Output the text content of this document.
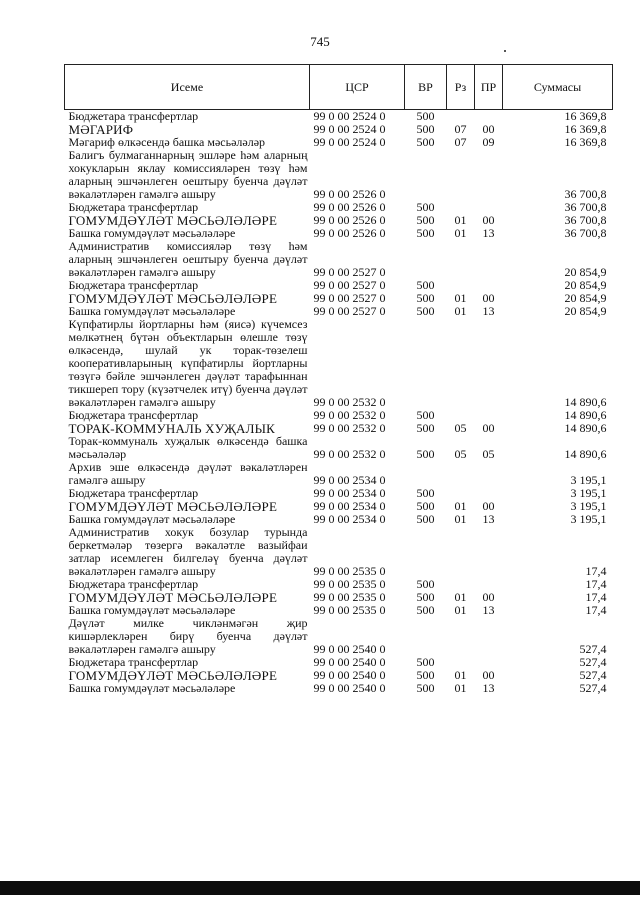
745
Исеме	ЦСР	ВР	Рз	ПР	Суммасы
Бюджетара трансфертлар	99 0 00 2524 0	500			16 369,8
МӘГАРИФ	99 0 00 2524 0	500	07	00	16 369,8
Мәгариф өлкәсендә башка мәсьәләләр	99 0 00 2524 0	500	07	09	16 369,8
Балигъ булмаганнарның эшләре һәм аларның хокукларын яклау комиссияләрен төзү һәм аларның эшчәнлеген оештыру буенча дәүләт вәкаләтләрен гамәлгә ашыру	99 0 00 2526 0				36 700,8
Бюджетара трансфертлар	99 0 00 2526 0	500			36 700,8
ГОМУМДӘҮЛӘТ МӘСЬӘЛӘЛӘРЕ	99 0 00 2526 0	500	01	00	36 700,8
Башка гомумдәүләт мәсьәләләре	99 0 00 2526 0	500	01	13	36 700,8
Административ комиссияләр төзү һәм аларның эшчәнлеген оештыру буенча дәүләт вәкаләтләрен гамәлгә ашыру	99 0 00 2527 0				20 854,9
Бюджетара трансфертлар	99 0 00 2527 0	500			20 854,9
ГОМУМДӘҮЛӘТ МӘСЬӘЛӘЛӘРЕ	99 0 00 2527 0	500	01	00	20 854,9
Башка гомумдәүләт мәсьәләләре	99 0 00 2527 0	500	01	13	20 854,9
Күпфатирлы йортларны һәм (яисә) күчемсез мөлкәтнең бүтән объектларын өлешле төзү өлкәсендә, шулай ук торак-төзелеш кооперативларының күпфатирлы йортларны төзүгә бәйле эшчәнлеген дәүләт тарафыннан тикшереп тору (күзәтчелек итү) буенча дәүләт вәкаләтләрен гамәлгә ашыру	99 0 00 2532 0				14 890,6
Бюджетара трансфертлар	99 0 00 2532 0	500			14 890,6
ТОРАК-КОММУНАЛЬ ХУҖАЛЫК	99 0 00 2532 0	500	05	00	14 890,6
Торак-коммуналь хуҗалык өлкәсендә башка мәсьәләләр	99 0 00 2532 0	500	05	05	14 890,6
Архив эше өлкәсендә дәүләт вәкаләтләрен гамәлгә ашыру	99 0 00 2534 0				3 195,1
Бюджетара трансфертлар	99 0 00 2534 0	500			3 195,1
ГОМУМДӘҮЛӘТ МӘСЬӘЛӘЛӘРЕ	99 0 00 2534 0	500	01	00	3 195,1
Башка гомумдәүләт мәсьәләләре	99 0 00 2534 0	500	01	13	3 195,1
Административ хокук бозулар турында беркетмәләр төзергә вәкаләтле вазыйфаи затлар исемлеген билгеләү буенча дәүләт вәкаләтләрен гамәлгә ашыру	99 0 00 2535 0				17,4
Бюджетара трансфертлар	99 0 00 2535 0	500			17,4
ГОМУМДӘҮЛӘТ МӘСЬӘЛӘЛӘРЕ	99 0 00 2535 0	500	01	00	17,4
Башка гомумдәүләт мәсьәләләре	99 0 00 2535 0	500	01	13	17,4
Дәүләт милке чикләнмәгән җир кишәрлекләрен бирү буенча дәүләт вәкаләтләрен гамәлгә ашыру	99 0 00 2540 0				527,4
Бюджетара трансфертлар	99 0 00 2540 0	500			527,4
ГОМУМДӘҮЛӘТ МӘСЬӘЛӘЛӘРЕ	99 0 00 2540 0	500	01	00	527,4
Башка гомумдәүләт мәсьәләләре	99 0 00 2540 0	500	01	13	527,4
